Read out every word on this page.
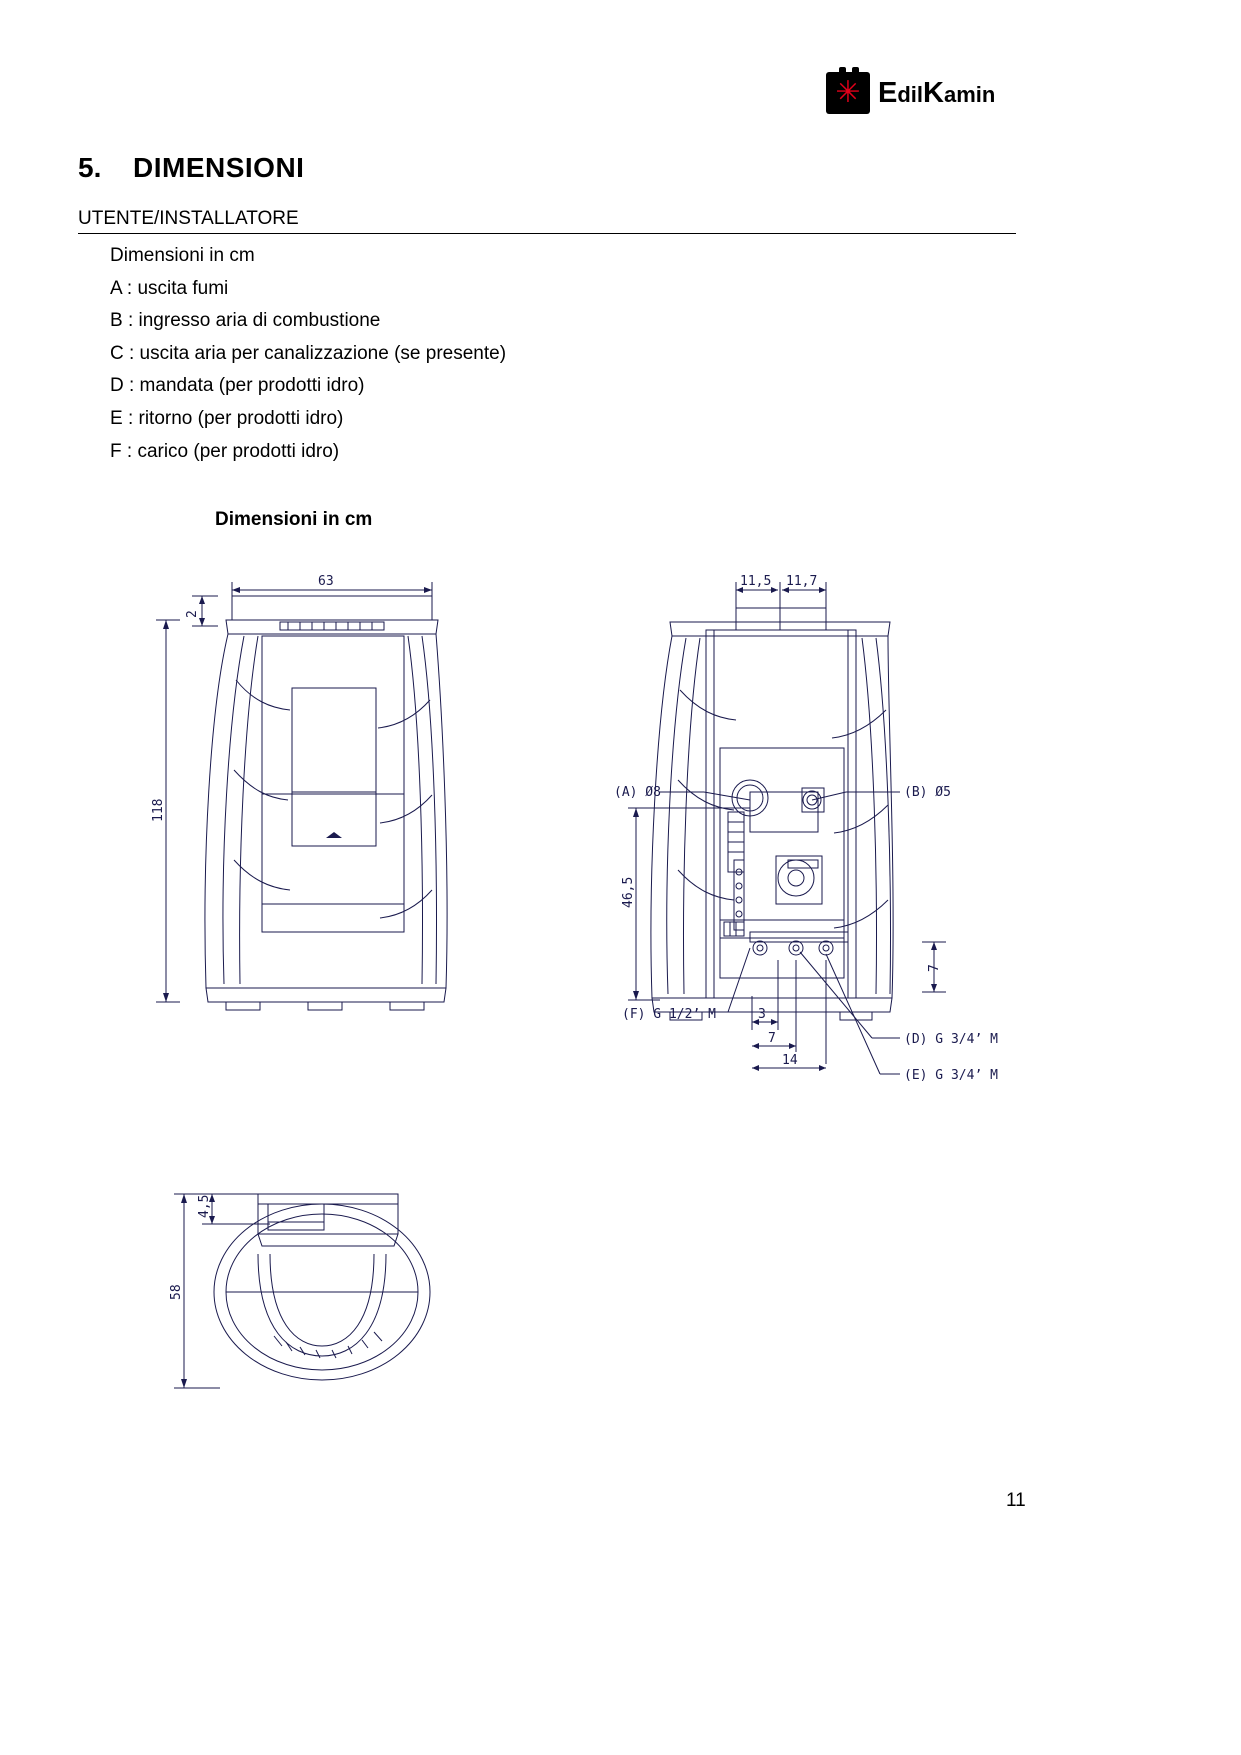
✳ EdilKamin
5. DIMENSIONI
UTENTE/INSTALLATORE
Dimensioni in cm
A : uscita fumi
B : ingresso aria di combustione
C : uscita aria per canalizzazione (se presente)
D : mandata (per prodotti idro)
E : ritorno (per prodotti idro)
F : carico (per prodotti idro)
Dimensioni in cm
63
2
118
11,5 11,7
(A) Ø8	(B) Ø5
46,5
7
(F) G 1/2’ M
(D) G 3/4’ M
(E) G 3/4’ M
3
7
14
58
4,5
11
